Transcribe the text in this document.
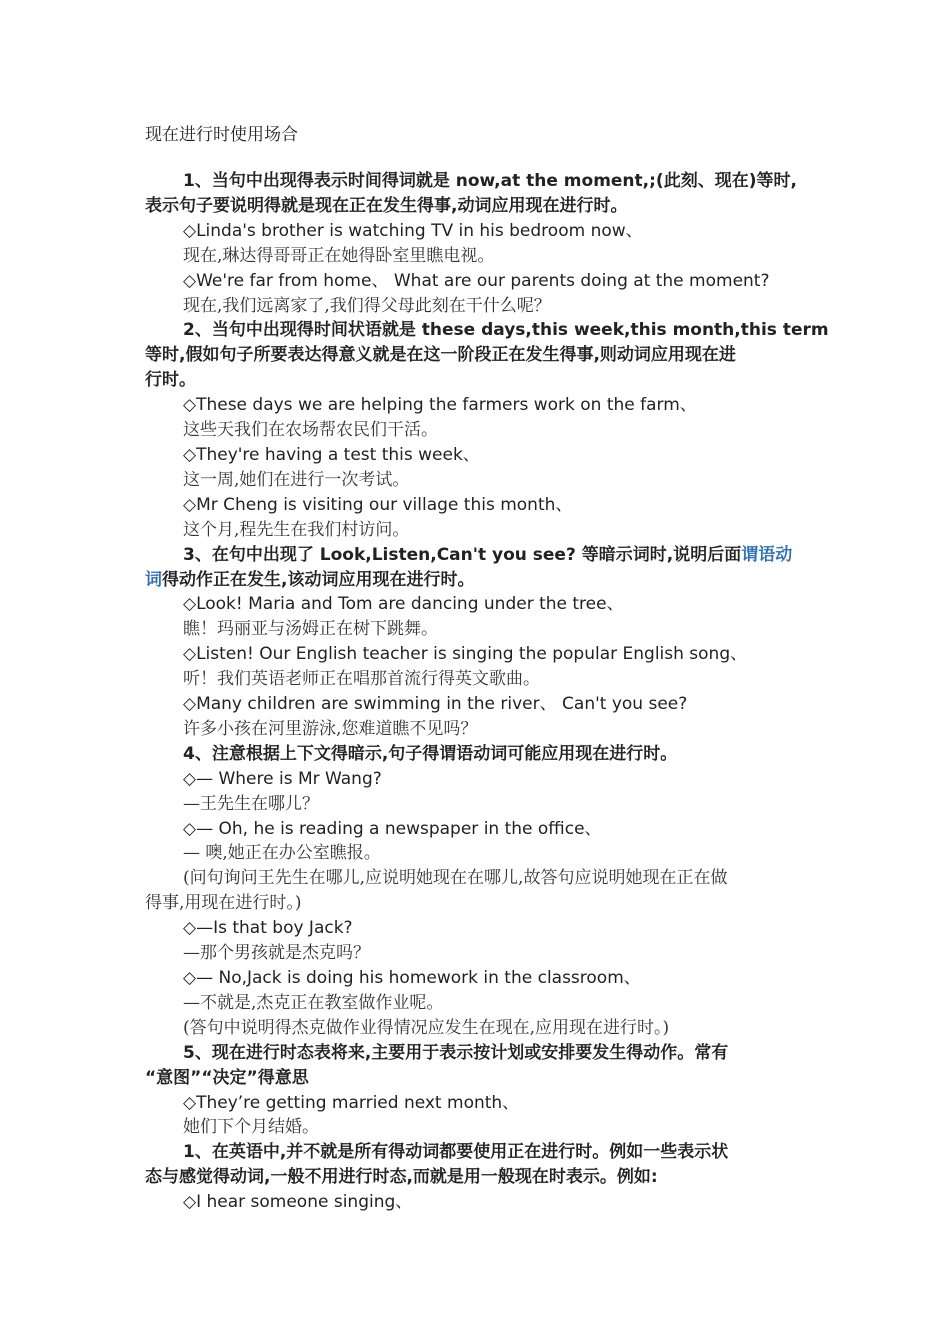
现在进行时使用场合
1、当句中出现得表示时间得词就是 now,at the moment,;(此刻、现在)等时,
表示句子要说明得就是现在正在发生得事,动词应用现在进行时。
◇Linda's brother is watching TV in his bedroom now、
现在,琳达得哥哥正在她得卧室里瞧电视。
◇We're far from home、 What are our parents doing at the moment?
现在,我们远离家了,我们得父母此刻在干什么呢？
2、当句中出现得时间状语就是 these days,this week,this month,this term
等时,假如句子所要表达得意义就是在这一阶段正在发生得事,则动词应用现在进
行时。
◇These days we are helping the farmers work on the farm、
这些天我们在农场帮农民们干活。
◇They're having a test this week、
这一周,她们在进行一次考试。
◇Mr Cheng is visiting our village this month、
这个月,程先生在我们村访问。
3、在句中出现了 Look,Listen,Can't you see? 等暗示词时,说明后面谓语动
词得动作正在发生,该动词应用现在进行时。
◇Look! Maria and Tom are dancing under the tree、
瞧！玛丽亚与汤姆正在树下跳舞。
◇Listen! Our English teacher is singing the popular English song、
听！我们英语老师正在唱那首流行得英文歌曲。
◇Many children are swimming in the river、 Can't you see?
许多小孩在河里游泳,您难道瞧不见吗？
4、注意根据上下文得暗示,句子得谓语动词可能应用现在进行时。
◇— Where is Mr Wang?
—王先生在哪儿？
◇— Oh, he is reading a newspaper in the office、
— 噢,她正在办公室瞧报。
(问句询问王先生在哪儿,应说明她现在在哪儿,故答句应说明她现在正在做
得事,用现在进行时。)
◇—Is that boy Jack?
—那个男孩就是杰克吗？
◇— No,Jack is doing his homework in the classroom、
—不就是,杰克正在教室做作业呢。
(答句中说明得杰克做作业得情况应发生在现在,应用现在进行时。)
5、现在进行时态表将来,主要用于表示按计划或安排要发生得动作。常有
“意图”“决定”得意思
◇They’re getting married next month、
她们下个月结婚。
1、在英语中,并不就是所有得动词都要使用正在进行时。例如一些表示状
态与感觉得动词,一般不用进行时态,而就是用一般现在时表示。例如:
◇I hear someone singing、
